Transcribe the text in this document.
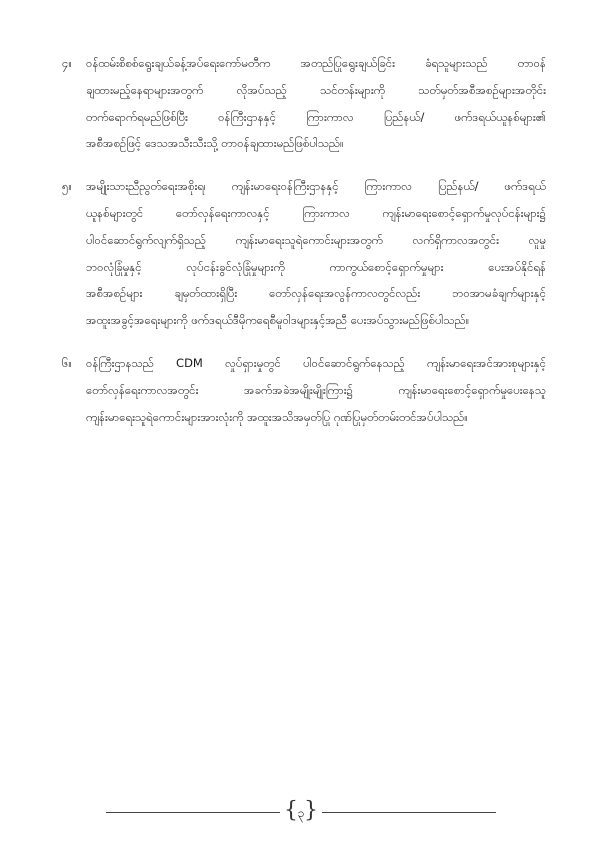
၄။	ဝန်ထမ်းစိစစ်ရွေးချယ်ခန့်အပ်ရေးကော်မတီက အတည်ပြုရွေးချယ်ခြင်း ခံရသူများသည် တာဝန်
ချထားမည့်နေရာများအတွက် လိုအပ်သည့် သင်တန်းများကို သတ်မှတ်အစီအစဉ်များအတိုင်း
တက်ရောက်ရမည်ဖြစ်ပြီး ဝန်ကြီးဌာနနှင့် ကြားကာလ ပြည်နယ်/ ဖက်ဒရယ်ယူနစ်များ၏
အစီအစဉ်ဖြင့် ဒေသအသီးသီးသို့ တာဝန်ချထားမည်ဖြစ်ပါသည်။
၅။	အမျိုးသားညီညွတ်ရေးအစိုးရ၊ ကျန်းမာရေးဝန်ကြီးဌာနနှင့် ကြားကာလ ပြည်နယ်/ ဖက်ဒရယ်
ယူနစ်များတွင် တော်လှန်ရေးကာလနှင့် ကြားကာလ ကျန်းမာရေးစောင့်ရှောက်မှုလုပ်ငန်းများ၌
ပါဝင်ဆောင်ရွက်လျက်ရှိသည့် ကျန်းမာရေးသူရဲကောင်းများအတွက် လက်ရှိကာလအတွင်း လူမှု
ဘဝလုံခြုံမှုနှင့် လုပ်ငန်းခွင်လုံခြုံမှုများကို ကာကွယ်စောင့်ရှောက်မှုများ ပေးအပ်နိုင်ရန်
အစီအစဉ်များ ချမှတ်ထားရှိပြီး တော်လှန်ရေးအလွန်ကာလတွင်လည်း ဘဝအာမခံချက်များနှင့်
အထူးအခွင့်အရေးများကို ဖက်ဒရယ်ဒီမိုကရေစီမူဝါဒများနှင့်အညီ ပေးအပ်သွားမည်ဖြစ်ပါသည်။
၆။	ဝန်ကြီးဌာနသည် CDM လှုပ်ရှားမှုတွင် ပါဝင်ဆောင်ရွက်နေသည့် ကျန်းမာရေးအင်အားစုများနှင့်
တော်လှန်ရေးကာလအတွင်း အခက်အခဲအမျိုးမျိုးကြား၌ ကျန်းမာရေးစောင့်ရှောက်မှုပေးနေသူ
ကျန်းမာရေးသူရဲကောင်းများအားလုံးကို အထူးအသိအမှတ်ပြု ဂုဏ်ပြုမှတ်တမ်းတင်အပ်ပါသည်။
{ ၃ }
